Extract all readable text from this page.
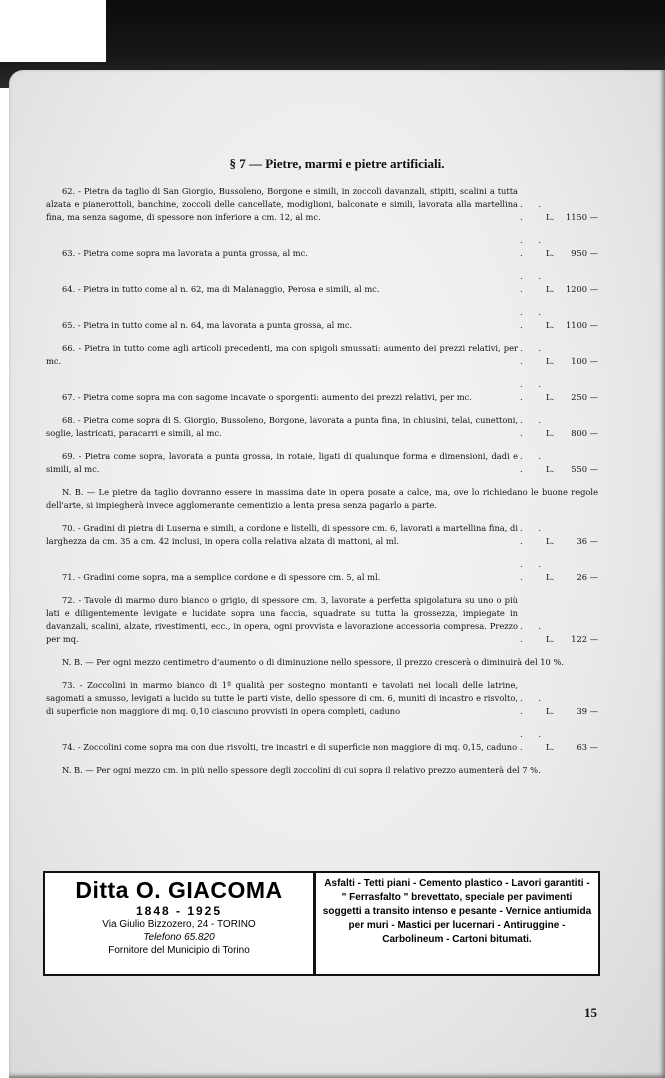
§ 7 — Pietre, marmi e pietre artificiali.
62. - Pietra da taglio di San Giorgio, Bussoleno, Borgone e simili, in zoccoli davanzali, stipiti, scalini a tutta alzata e pianerottoli, banchine, zoccoli delle cancellate, modiglioni, balconate e simili, lavorata alla martellina fina, ma senza sagome, di spessore non inferiore a cm. 12, al mc.
. . .	L. 1150 —
63. - Pietra come sopra ma lavorata a punta grossa, al mc.
. . .	L. 950 —
64. - Pietra in tutto come al n. 62, ma di Malanaggio, Perosa e simili, al mc.
. . .	L. 1200 —
65. - Pietra in tutto come al n. 64, ma lavorata a punta grossa, al mc.
. . .	L. 1100 —
66. - Pietra in tutto come agli articoli precedenti, ma con spigoli smussati: aumento dei prezzi relativi, per mc.
. . .	L. 100 —
67. - Pietra come sopra ma con sagome incavate o sporgenti: aumento dei prezzi relativi, per mc.
. . .	L. 250 —
68. - Pietra come sopra di S. Giorgio, Bussoleno, Borgone, lavorata a punta fina, in chiusini, telai, cunettoni, soglie, lastricati, paracarri e simili, al mc.
. . .	L. 800 —
69. - Pietra come sopra, lavorata a punta grossa, in rotaie, ligati di qualunque forma e dimensioni, dadi e simili, al mc.
. . .	L. 550 —
N. B. — Le pietre da taglio dovranno essere in massima date in opera posate a calce, ma, ove lo richiedano le buone regole dell'arte, si impiegherà invece agglomerante cementizio a lenta presa senza pagarlo a parte.
70. - Gradini di pietra di Luserna e simili, a cordone e listelli, di spessore cm. 6, lavorati a martellina fina, di larghezza da cm. 35 a cm. 42 inclusi, in opera colla relativa alzata di mattoni, al ml.
. . .	L.	36 —
71. - Gradini come sopra, ma a semplice cordone e di spessore cm. 5, al ml.
. . .	L.	26 —
72. - Tavole di marmo duro bianco o grigio, di spessore cm. 3, lavorate a perfetta spigolatura su uno o più lati e diligentemente levigate e lucidate sopra una faccia, squadrate su tutta la grossezza, impiegate in davanzali, scalini, alzate, rivestimenti, ecc., in opera, ogni provvista e lavorazione accessoria compresa. Prezzo per mq.
. . .	L. 122 —
N. B. — Per ogni mezzo centimetro d'aumento o di diminuzione nello spessore, il prezzo crescerà o diminuirà del 10 %.
73. - Zoccolini in marmo bianco di 1ª qualità per sostegno montanti e tavolati nei locali delle latrine, sagomati a smusso, levigati a lucido su tutte le parti viste, dello spessore di cm. 6, muniti di incastro e risvolto, di superficie non maggiore di mq. 0,10 ciascuno provvisti in opera completi, caduno
. . .	L.	39 —
74. - Zoccolini come sopra ma con due risvolti, tre incastri e di superficie non maggiore di mq. 0,15, caduno
. . .	L.	63 —
N. B. — Per ogni mezzo cm. in più nello spessore degli zoccolini di cui sopra il relativo prezzo aumenterà del 7 %.
Ditta O. GIACOMA
1848 - 1925
Via Giulio Bizzozero, 24 - TORINO
Telefono 65.820
Fornitore del Municipio di Torino
Asfalti - Tetti piani - Cemento plastico - Lavori garantiti - " Ferrasfalto " brevettato, speciale per pavimenti soggetti a transito intenso e pesante - Vernice antiumida per muri - Mastici per lucernari - Antiruggine - Carbolineum - Cartoni bitumati.
15
